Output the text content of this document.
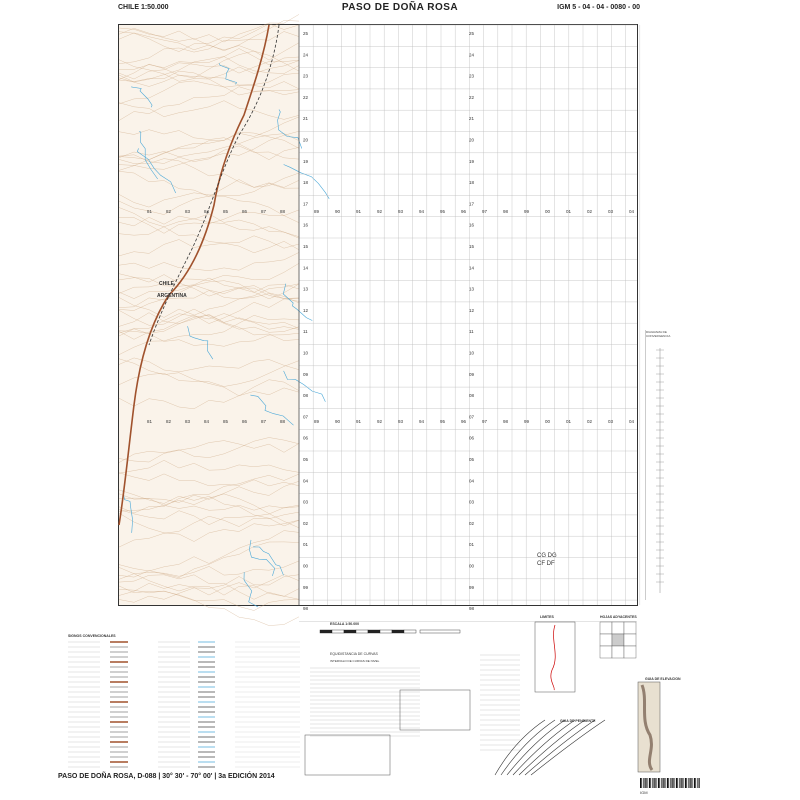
CHILE 1:50.000	PASO DE DOÑA ROSA	IGM 5 - 04 - 04 - 0080 - 00
CHILE
ARGENTINA
25	25
24	24
23	23
22	22
21	21
20	20
19	19
18	18
17	17
16	16
15	15
14	14
13	13
12	12
11	11
10	10
09	09
08	08
07	07
06	06
05	05
04	04
03	03
02	02
01	01
00	00
99	99
98	98
89
89
90
90
91
91
92
92
93
93
94
94
95
95
96
96
97
97
98
98
99
99
00
00
01
01
02
02
03
03
04
04
81
81
82
82
83
83
84
84
85
85
86
86
87
87
88
88
CG DG
CF DF
DIAGRAMA DE CONVERGENCIA
SIGNOS CONVENCIONALES
ESCALA 1:50.000
EQUIDISTANCIA DE CURVAS
INTERVALO DE CURVAS DE NIVEL
LIMITES	HOJAS ADYACENTES
GUIA DE PENDIENTE
GUIA DE ELEVACION
PASO DE DOÑA ROSA, D-088 | 30° 30' - 70° 00' | 3a EDICIÓN 2014
IGM
